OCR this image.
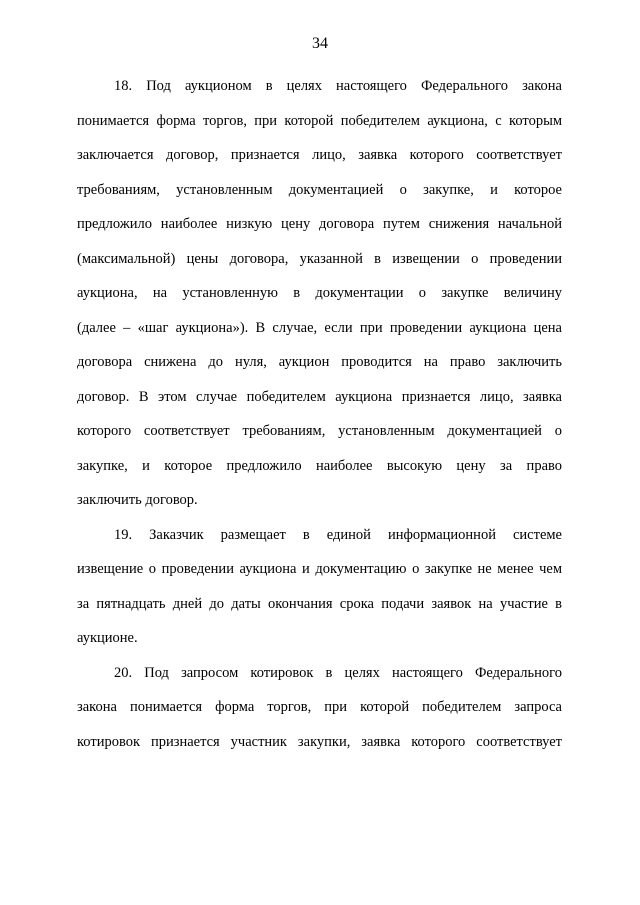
34

18. Под аукционом в целях настоящего Федерального закона
понимается форма торгов, при которой победителем аукциона, с которым
заключается договор, признается лицо, заявка которого соответствует
требованиям, установленным документацией о закупке, и которое
предложило наиболее низкую цену договора путем снижения начальной
(максимальной) цены договора, указанной в извещении о проведении
аукциона, на установленную в документации о закупке величину
(далее – «шаг аукциона»). В случае, если при проведении аукциона цена
договора снижена до нуля, аукцион проводится на право заключить
договор. В этом случае победителем аукциона признается лицо, заявка
которого соответствует требованиям, установленным документацией о
закупке, и которое предложило наиболее высокую цену за право
заключить договор.

19. Заказчик размещает в единой информационной системе
извещение о проведении аукциона и документацию о закупке не менее чем
за пятнадцать дней до даты окончания срока подачи заявок на участие в
аукционе.

20. Под запросом котировок в целях настоящего Федерального
закона понимается форма торгов, при которой победителем запроса
котировок признается участник закупки, заявка которого соответствует
